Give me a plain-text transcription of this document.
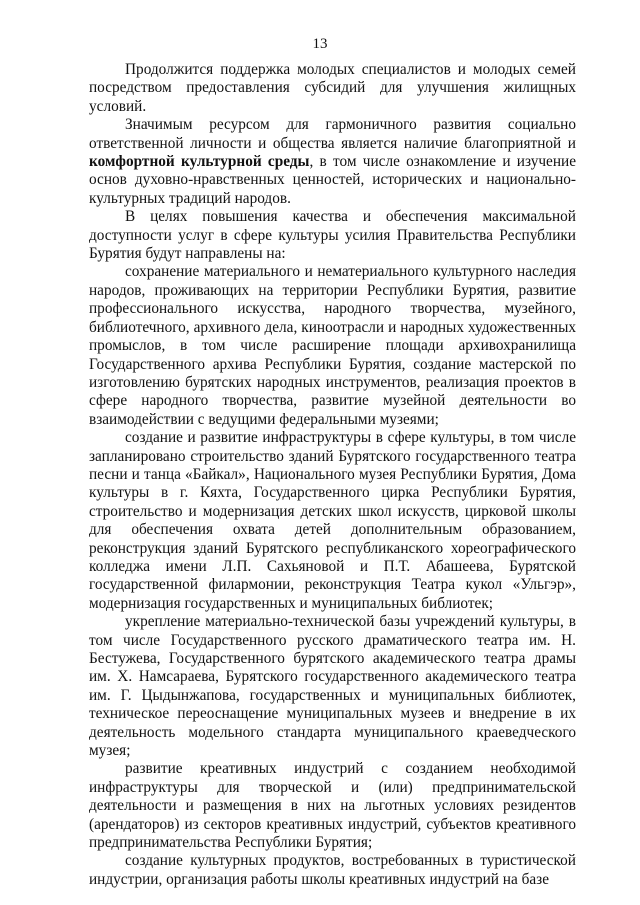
13

Продолжится поддержка молодых специалистов и молодых семей посредством предоставления субсидий для улучшения жилищных условий.

Значимым ресурсом для гармоничного развития социально ответственной личности и общества является наличие благоприятной и комфортной культурной среды, в том числе ознакомление и изучение основ духовно-нравственных ценностей, исторических и национально-культурных традиций народов.

В целях повышения качества и обеспечения максимальной доступности услуг в сфере культуры усилия Правительства Республики Бурятия будут направлены на:

сохранение материального и нематериального культурного наследия народов, проживающих на территории Республики Бурятия, развитие профессионального искусства, народного творчества, музейного, библиотечного, архивного дела, киноотрасли и народных художественных промыслов, в том числе расширение площади архивохранилища Государственного архива Республики Бурятия, создание мастерской по изготовлению бурятских народных инструментов, реализация проектов в сфере народного творчества, развитие музейной деятельности во взаимодействии с ведущими федеральными музеями;

создание и развитие инфраструктуры в сфере культуры, в том числе запланировано строительство зданий Бурятского государственного театра песни и танца «Байкал», Национального музея Республики Бурятия, Дома культуры в г. Кяхта, Государственного цирка Республики Бурятия, строительство и модернизация детских школ искусств, цирковой школы для обеспечения охвата детей дополнительным образованием, реконструкция зданий Бурятского республиканского хореографического колледжа имени Л.П. Сахьяновой и П.Т. Абашеева, Бурятской государственной филармонии, реконструкция Театра кукол «Ульгэр», модернизация государственных и муниципальных библиотек;

укрепление материально-технической базы учреждений культуры, в том числе Государственного русского драматического театра им. Н. Бестужева, Государственного бурятского академического театра драмы им. Х. Намсараева, Бурятского государственного академического театра им. Г. Цыдынжапова, государственных и муниципальных библиотек, техническое переоснащение муниципальных музеев и внедрение в их деятельность модельного стандарта муниципального краеведческого музея;

развитие креативных индустрий с созданием необходимой инфраструктуры для творческой и (или) предпринимательской деятельности и размещения в них на льготных условиях резидентов (арендаторов) из секторов креативных индустрий, субъектов креативного предпринимательства Республики Бурятия;

создание культурных продуктов, востребованных в туристической индустрии, организация работы школы креативных индустрий на базе
